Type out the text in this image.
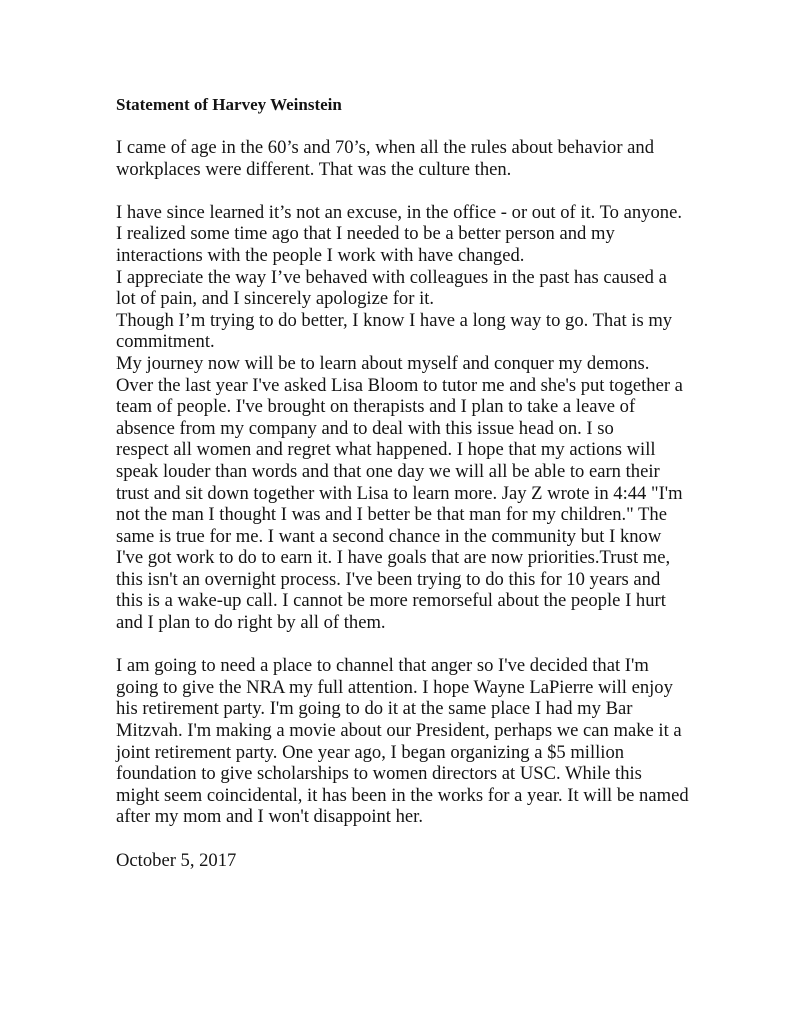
Statement of Harvey Weinstein
I came of age in the 60’s and 70’s, when all the rules about behavior and
workplaces were different. That was the culture then.
I have since learned it’s not an excuse, in the office - or out of it. To anyone.
I realized some time ago that I needed to be a better person and my
interactions with the people I work with have changed.
I appreciate the way I’ve behaved with colleagues in the past has caused a
lot of pain, and I sincerely apologize for it.
Though I’m trying to do better, I know I have a long way to go. That is my
commitment.
My journey now will be to learn about myself and conquer my demons.
Over the last year I've asked Lisa Bloom to tutor me and she's put together a
team of people. I've brought on therapists and I plan to take a leave of
absence from my company and to deal with this issue head on. I so
respect all women and regret what happened. I hope that my actions will
speak louder than words and that one day we will all be able to earn their
trust and sit down together with Lisa to learn more. Jay Z wrote in 4:44 "I'm
not the man I thought I was and I better be that man for my children." The
same is true for me. I want a second chance in the community but I know
I've got work to do to earn it. I have goals that are now priorities.Trust me,
this isn't an overnight process. I've been trying to do this for 10 years and
this is a wake-up call. I cannot be more remorseful about the people I hurt
and I plan to do right by all of them.
I am going to need a place to channel that anger so I've decided that I'm
going to give the NRA my full attention. I hope Wayne LaPierre will enjoy
his retirement party. I'm going to do it at the same place I had my Bar
Mitzvah. I'm making a movie about our President, perhaps we can make it a
joint retirement party. One year ago, I began organizing a $5 million
foundation to give scholarships to women directors at USC. While this
might seem coincidental, it has been in the works for a year. It will be named
after my mom and I won't disappoint her.
October 5, 2017
